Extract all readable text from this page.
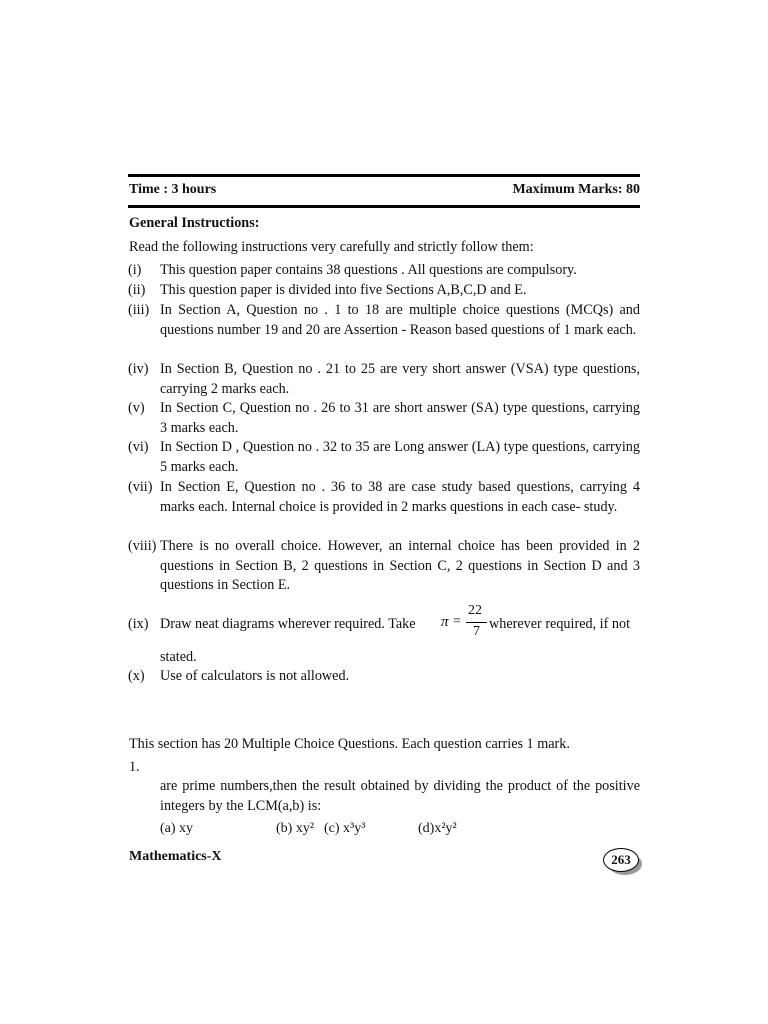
Time : 3 hours	Maximum Marks: 80
General Instructions:
Read the following instructions very carefully and strictly follow them:
(i) This question paper contains 38 questions . All questions are compulsory.
(ii) This question paper is divided into five Sections A,B,C,D and E.
(iii) In Section A, Question no . 1 to 18 are multiple choice questions (MCQs) and questions number 19 and 20 are Assertion - Reason based questions of 1 mark each.
(iv) In Section B, Question no . 21 to 25 are very short answer (VSA) type questions, carrying 2 marks each.
(v) In Section C, Question no . 26 to 31 are short answer (SA) type questions, carrying 3 marks each.
(vi) In Section D , Question no . 32 to 35 are Long answer (LA) type questions, carrying 5 marks each.
(vii) In Section E, Question no . 36 to 38 are case study based questions, carrying 4 marks each. Internal choice is provided in 2 marks questions in each case- study.
(viii) There is no overall choice. However, an internal choice has been provided in 2 questions in Section B, 2 questions in Section C, 2 questions in Section D and 3 questions in Section E.
(ix) Draw neat diagrams wherever required. Take π =
22
7 wherever required, if not
stated.
(x) Use of calculators is not allowed.
This section has 20 Multiple Choice Questions. Each question carries 1 mark.
1.
are prime numbers,then the result obtained by dividing the product of the positive integers by the LCM(a,b) is:
(a) xy	(b) xy² (c) x³y³	(d)x²y²
Mathematics-X	263
